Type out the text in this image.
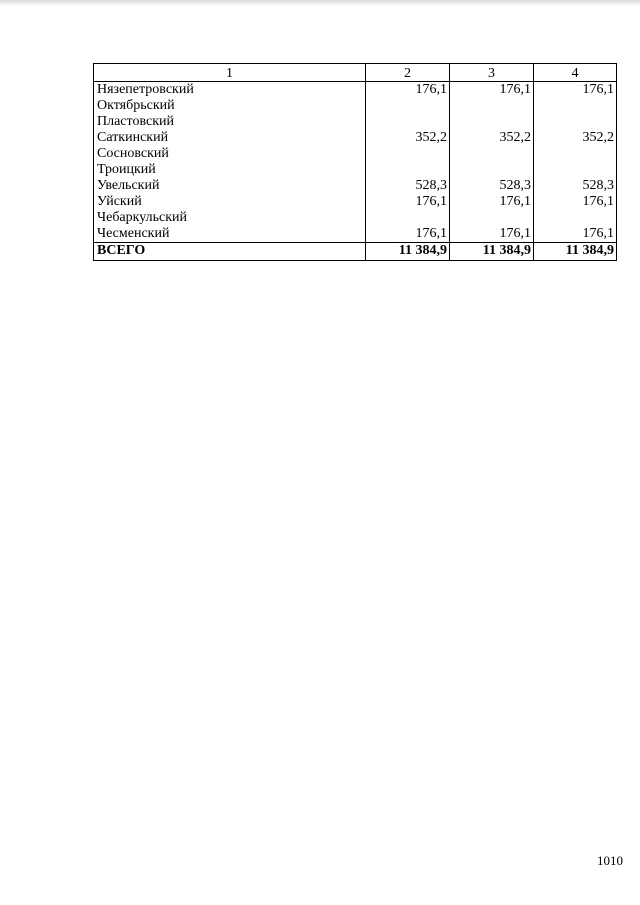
1	2	3	4
Нязепетровский	176,1	176,1	176,1
Октябрьский			
Пластовский			
Саткинский	352,2	352,2	352,2
Сосновский			
Троицкий			
Увельский	528,3	528,3	528,3
Уйский	176,1	176,1	176,1
Чебаркульский			
Чесменский	176,1	176,1	176,1
ВСЕГО	11 384,9	11 384,9	11 384,9
1010
